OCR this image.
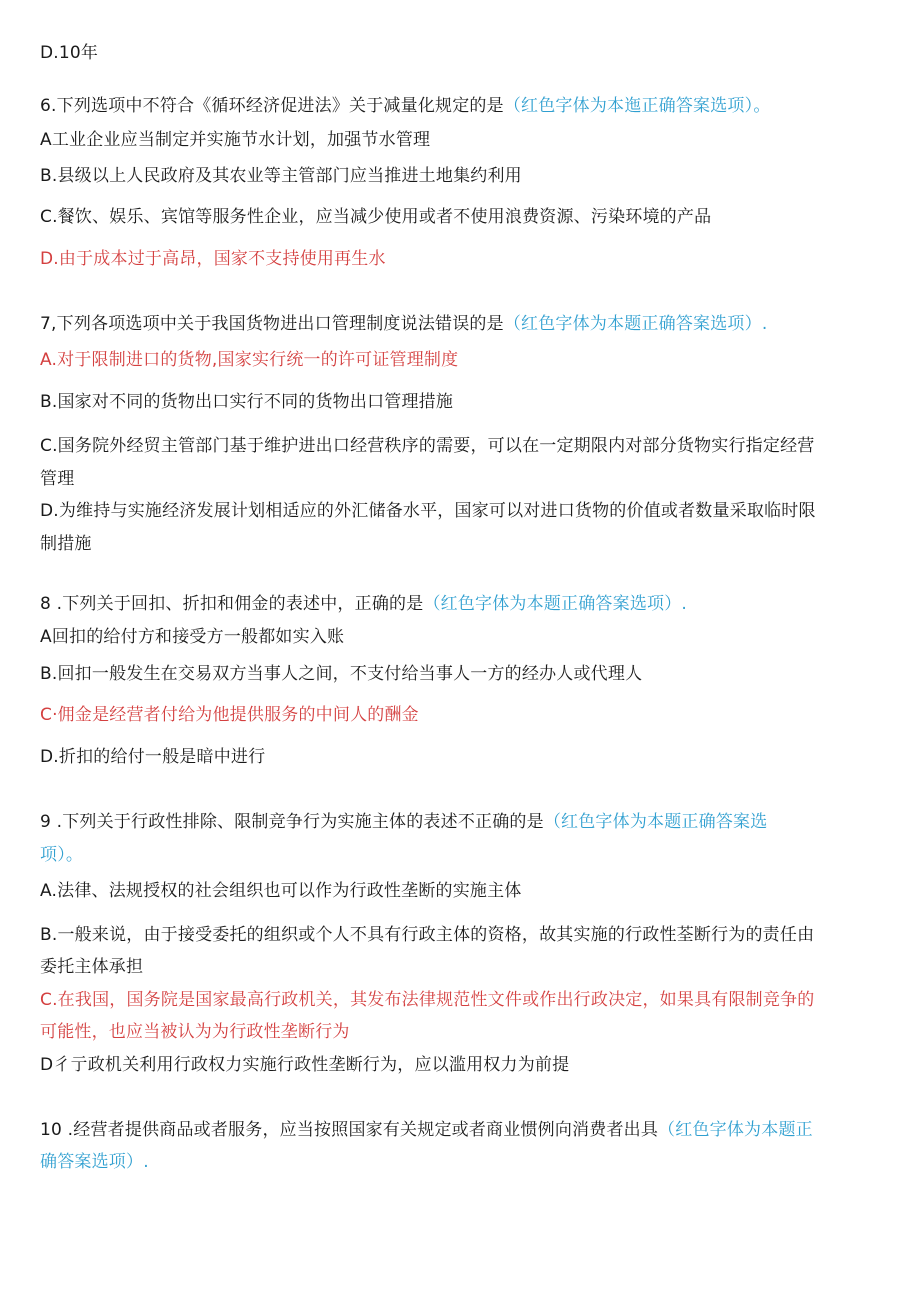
D.10年
6.下列选项中不符合《循环经济促进法》关于减量化规定的是（红色字体为本迤正确答案选项）。
A工业企业应当制定并实施节水计划，加强节水管理
B.县级以上人民政府及其农业等主管部门应当推进土地集约利用
C.餐饮、娱乐、宾馆等服务性企业，应当减少使用或者不使用浪费资源、污染环境的产品
D.由于成本过于高昂，国家不支持使用再生水
7,下列各项选项中关于我国货物进出口管理制度说法错误的是（红色字体为本题正确答案选项）.
A.对于限制进口的货物,国家实行统一的许可证管理制度
B.国家对不同的货物出口实行不同的货物出口管理措施
C.国务院外经贸主管部门基于维护进出口经营秩序的需要，可以在一定期限内对部分货物实行指定经营
管理
D.为维持与实施经济发展计划相适应的外汇储备水平，国家可以对进口货物的价值或者数量采取临时限
制措施
8 .下列关于回扣、折扣和佣金的表述中，正确的是（红色字体为本题正确答案选项）.
A回扣的给付方和接受方一般都如实入账
B.回扣一般发生在交易双方当事人之间，不支付给当事人一方的经办人或代理人
C·佣金是经营者付给为他提供服务的中间人的酬金
D.折扣的给付一般是暗中进行
9 .下列关于行政性排除、限制竞争行为实施主体的表述不正确的是（红色字体为本题正确答案选
项）。
A.法律、法规授权的社会组织也可以作为行政性垄断的实施主体
B.一般来说，由于接受委托的组织或个人不具有行政主体的资格，故其实施的行政性荃断行为的责任由
委托主体承担
C.在我国，国务院是国家最高行政机关，其发布法律规范性文件或作出行政决定，如果具有限制竞争的
可能性，也应当被认为为行政性垄断行为
D彳亍政机关利用行政权力实施行政性垄断行为，应以滥用权力为前提
10 .经营者提供商品或者服务，应当按照国家有关规定或者商业惯例向消费者出具（红色字体为本题正
确答案选项）.
